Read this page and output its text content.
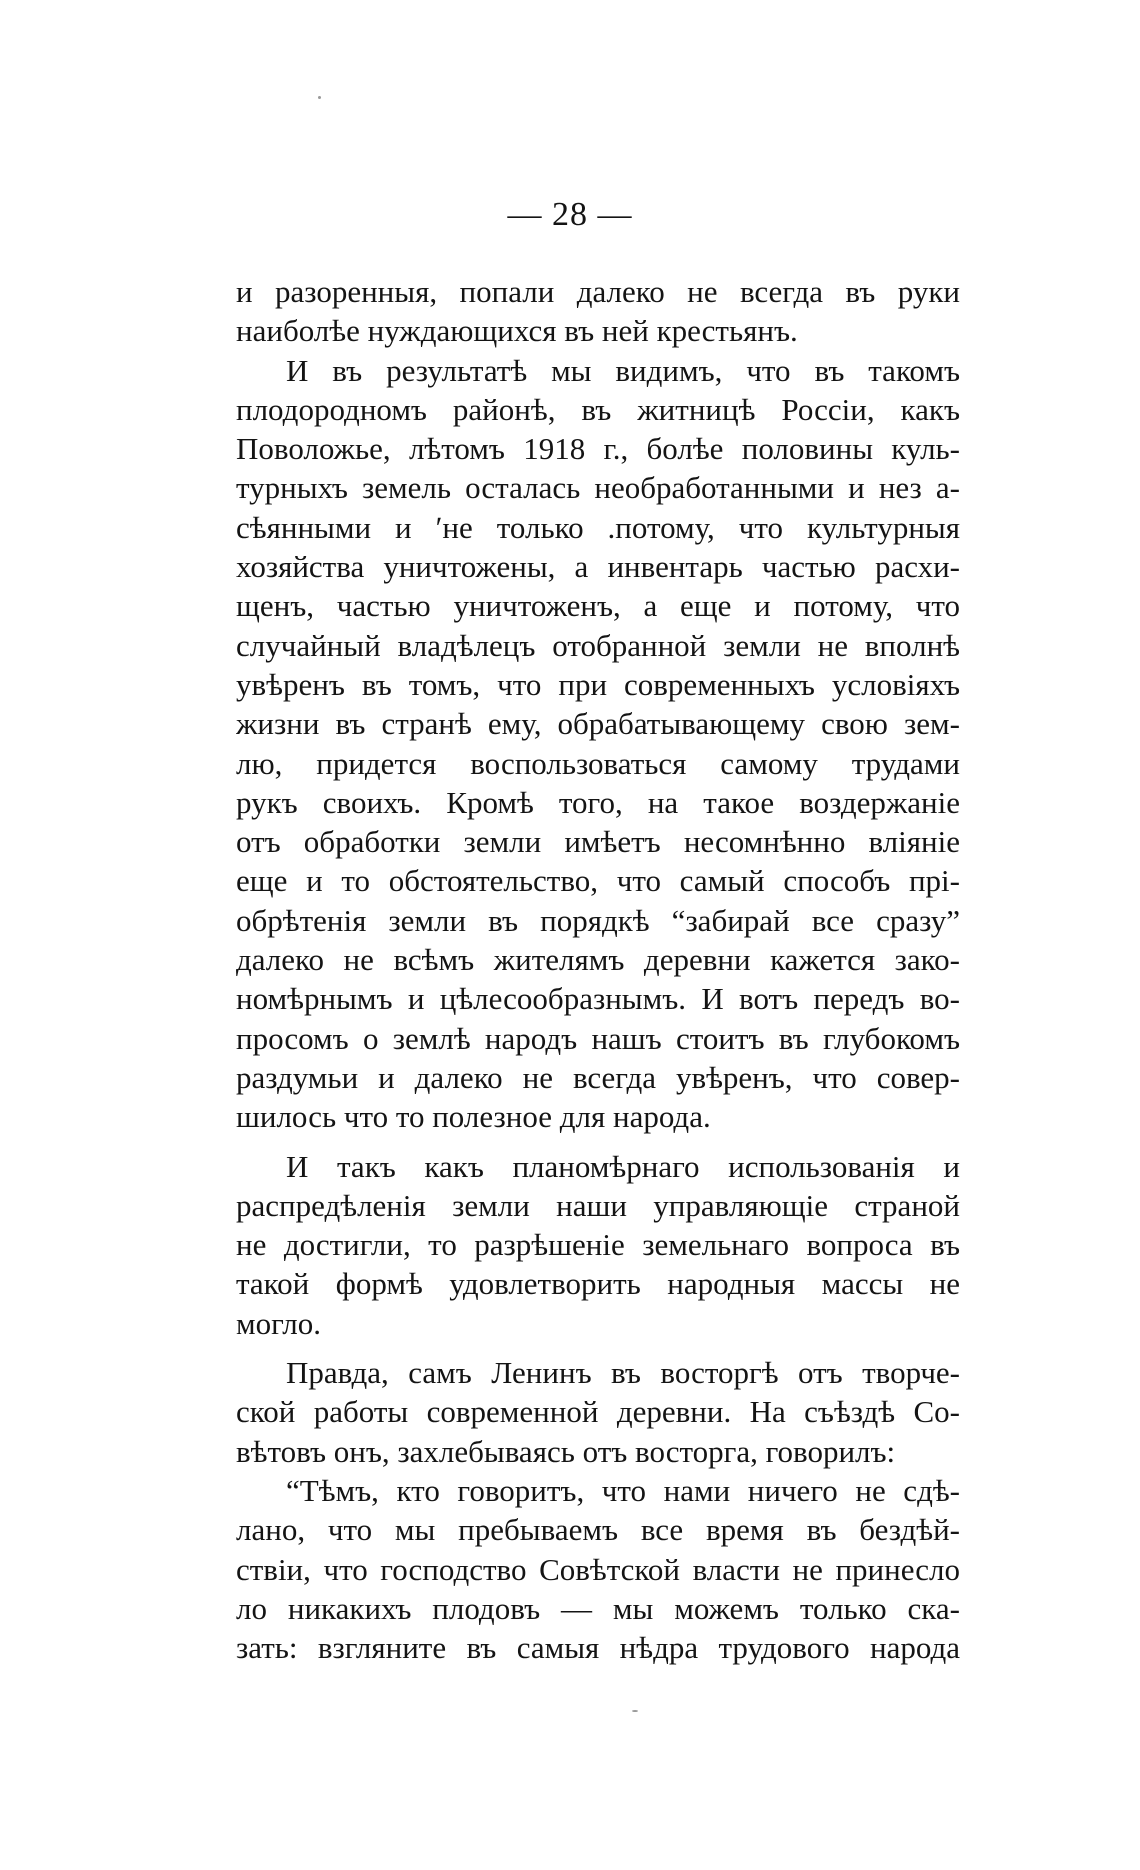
— 28 —

и разоренныя, попали далеко не всегда въ руки
наиболѣе нуждающихся въ ней крестьянъ.
И въ результатѣ мы видимъ, что въ такомъ
плодородномъ районѣ, въ житницѣ Россіи, какъ
Поволожье, лѣтомъ 1918 г., болѣе половины куль-
турныхъ земель осталась необработанными и нез а-
сѣянными и ʹне только .потому, что культурныя
хозяйства уничтожены, а инвентарь частью расхи-
щенъ, частью уничтоженъ, а еще и потому, что
случайный владѣлецъ отобранной земли не вполнѣ
увѣренъ въ томъ, что при современныхъ условіяхъ
жизни въ странѣ ему, обрабатывающему свою зем-
лю, придется воспользоваться самому трудами
рукъ своихъ. Кромѣ того, на такое воздержаніе
отъ обработки земли имѣетъ несомнѣнно вліяніе
еще и то обстоятельство, что самый способъ прі-
обрѣтенія земли въ порядкѣ “забирай все сразу”
далеко не всѣмъ жителямъ деревни кажется зако-
номѣрнымъ и цѣлесообразнымъ. И вотъ передъ во-
просомъ о землѣ народъ нашъ стоитъ въ глубокомъ
раздумьи и далеко не всегда увѣренъ, что совер-
шилось что то полезное для народа.
И такъ какъ планомѣрнаго использованія и
распредѣленія земли наши управляющіе страной
не достигли, то разрѣшеніе земельнаго вопроса въ
такой формѣ удовлетворить народныя массы не
могло.
Правда, самъ Ленинъ въ восторгѣ отъ творче-
ской работы современной деревни. На съѣздѣ Со-
вѣтовъ онъ, захлебываясь отъ восторга, говорилъ:
“Тѣмъ, кто говоритъ, что нами ничего не сдѣ-
лано, что мы пребываемъ все время въ бездѣй-
ствіи, что господство Совѣтской власти не принесло
ло никакихъ плодовъ — мы можемъ только ска-
зать: взгляните въ самыя нѣдра трудового народа
